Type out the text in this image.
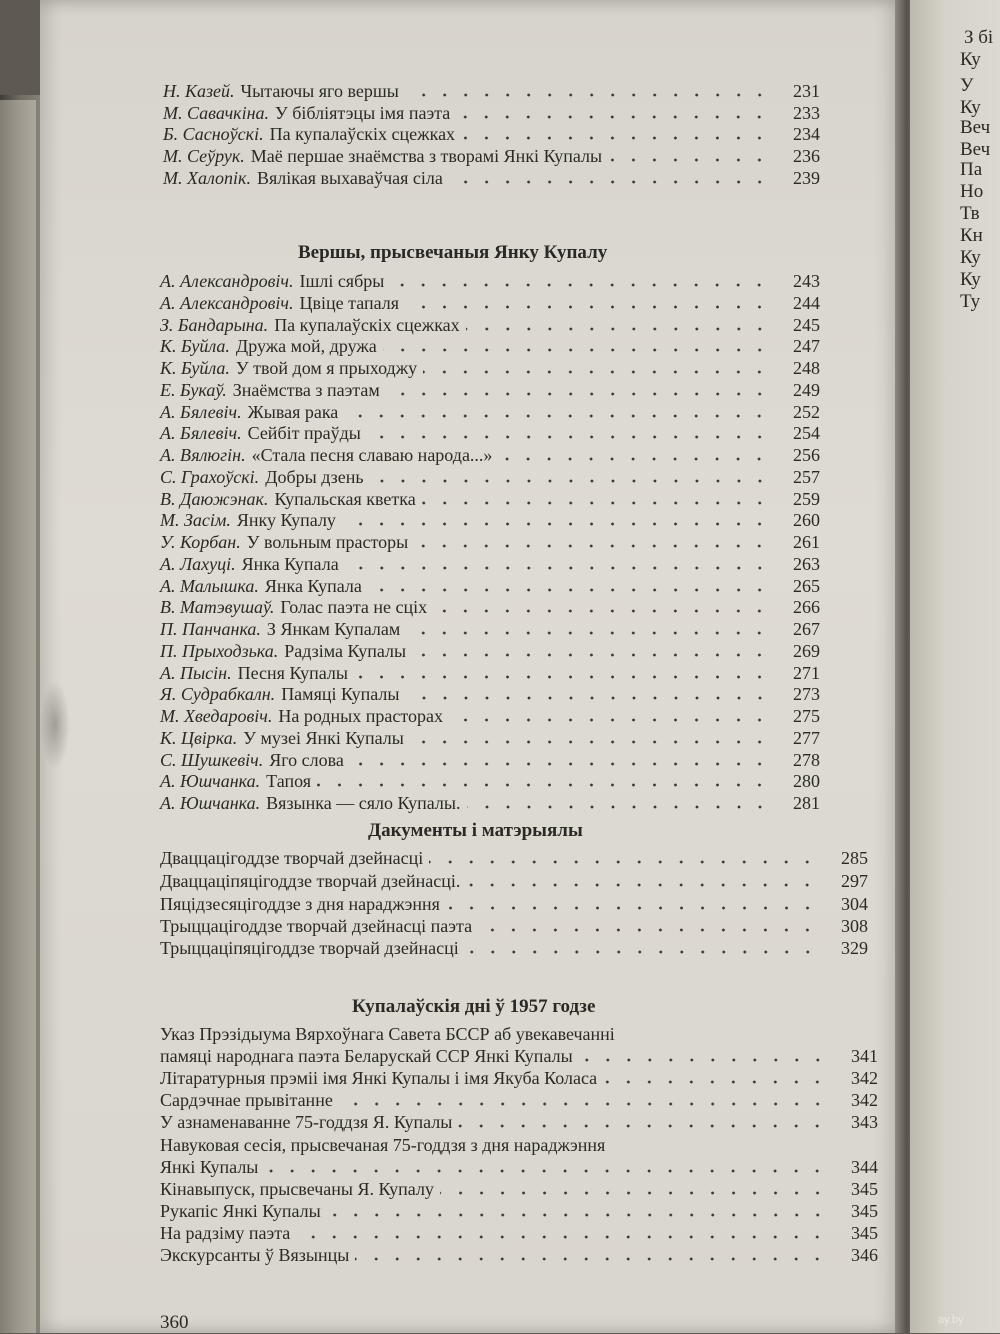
З бі
Ку
У
Ку
Веч
Веч
Па
Но
Тв
Кн
Ку
Ку
Ту
Н. Казей. Чытаючы яго вершы	231
М. Савачкіна. У бібліятэцы імя паэта	233
Б. Сасноўскі. Па купалаўскіх сцежках	234
М. Сеўрук. Маё першае знаёмства з творамі Янкі Купалы	236
М. Халопік. Вялікая выхаваўчая сіла	239
Вершы, прысвечаныя Янку Купалу
А. Александровіч. Ішлі сябры	243
А. Александровіч. Цвіце тапаля	244
З. Бандарына. Па купалаўскіх сцежках	245
К. Буйла. Дружа мой, дружа	247
К. Буйла. У твой дом я прыходжу	248
Е. Букаў. Знаёмства з паэтам	249
А. Бялевіч. Жывая рака	252
А. Бялевіч. Сейбіт праўды	254
А. Вялюгін. «Стала песня славаю народа...»	256
С. Грахоўскі. Добры дзень	257
В. Даюжэнак. Купальская кветка	259
М. Засім. Янку Купалу	260
У. Корбан. У вольным прасторы	261
А. Лахуці. Янка Купала	263
А. Малышка. Янка Купала	265
В. Матэвушаў. Голас паэта не сціх	266
П. Панчанка. З Янкам Купалам	267
П. Прыходзька. Радзіма Купалы	269
А. Пысін. Песня Купалы	271
Я. Судрабкалн. Памяці Купалы	273
М. Хведаровіч. На родных прасторах	275
К. Цвірка. У музеі Янкі Купалы	277
С. Шушкевіч. Яго слова	278
А. Юшчанка. Тапоя	280
А. Юшчанка. Вязынка — сяло Купалы.	281
Дакументы і матэрыялы
Дваццацігоддзе творчай дзейнасці	285
Дваццаціпяцігоддзе творчай дзейнасці.	297
Пяцідзесяцігоддзе з дня нараджэння	304
Трыццацігоддзе творчай дзейнасці паэта	308
Трыццаціпяцігоддзе творчай дзейнасці	329
Купалаўскія дні ў 1957 годзе
Указ Прэзідыума Вярхоўнага Савета БССР аб увекавечанні
памяці народнага паэта Беларускай ССР Янкі Купалы	341
Літаратурныя прэміі імя Янкі Купалы і імя Якуба Коласа	342
Сардэчнае прывітанне	342
У азнаменаванне 75-годдзя Я. Купалы	343
Навуковая сесія, прысвечаная 75-годдзя з дня нараджэння
Янкі Купалы	344
Кінавыпуск, прысвечаны Я. Купалу	345
Рукапіс Янкі Купалы	345
На радзіму паэта	345
Экскурсанты ў Вязынцы	346
360	ay.by
